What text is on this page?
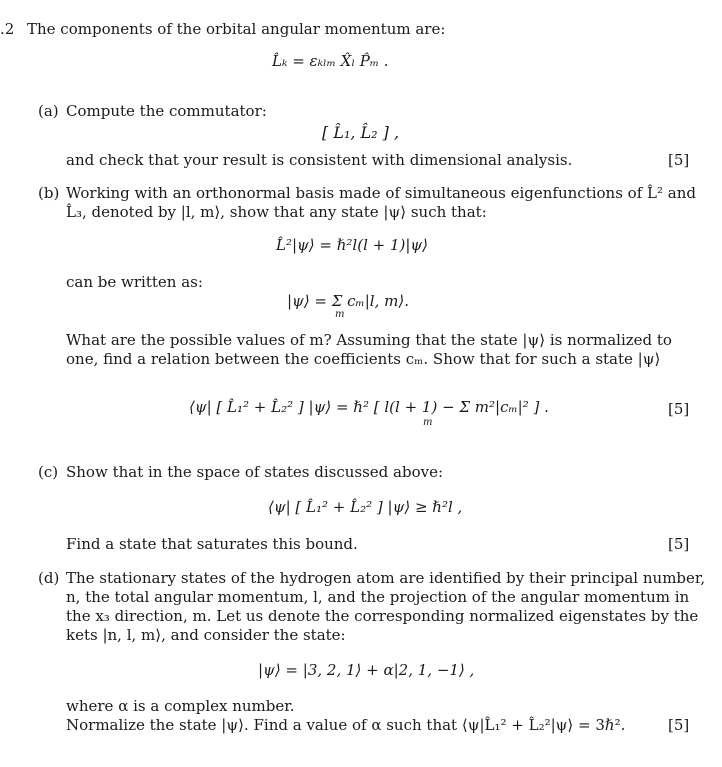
.2 The components of the orbital angular momentum are:
L̂ₖ = εₖₗₘ X̂ₗ P̂ₘ .
(a) Compute the commutator:
[ L̂₁, L̂₂ ] ,
and check that your result is consistent with dimensional analysis.	[5]
(b) Working with an orthonormal basis made of simultaneous eigenfunctions of L̂² and
L̂₃, denoted by |l, m⟩, show that any state |ψ⟩ such that:
L̂²|ψ⟩ = ℏ²l(l + 1)|ψ⟩
can be written as:
|ψ⟩ = Σ cₘ|l, m⟩.
m
What are the possible values of m? Assuming that the state |ψ⟩ is normalized to
one, find a relation between the coefficients cₘ. Show that for such a state |ψ⟩
⟨ψ| [ L̂₁² + L̂₂² ] |ψ⟩ = ℏ² [ l(l + 1) − Σ m²|cₘ|² ] .
m
[5]
(c) Show that in the space of states discussed above:
⟨ψ| [ L̂₁² + L̂₂² ] |ψ⟩ ≥ ℏ²l ,
Find a state that saturates this bound.	[5]
(d) The stationary states of the hydrogen atom are identified by their principal number,
n, the total angular momentum, l, and the projection of the angular momentum in
the x₃ direction, m. Let us denote the corresponding normalized eigenstates by the
kets |n, l, m⟩, and consider the state:
|ψ⟩ = |3, 2, 1⟩ + α|2, 1, −1⟩ ,
where α is a complex number.
Normalize the state |ψ⟩. Find a value of α such that ⟨ψ|L̂₁² + L̂₂²|ψ⟩ = 3ℏ².	[5]
